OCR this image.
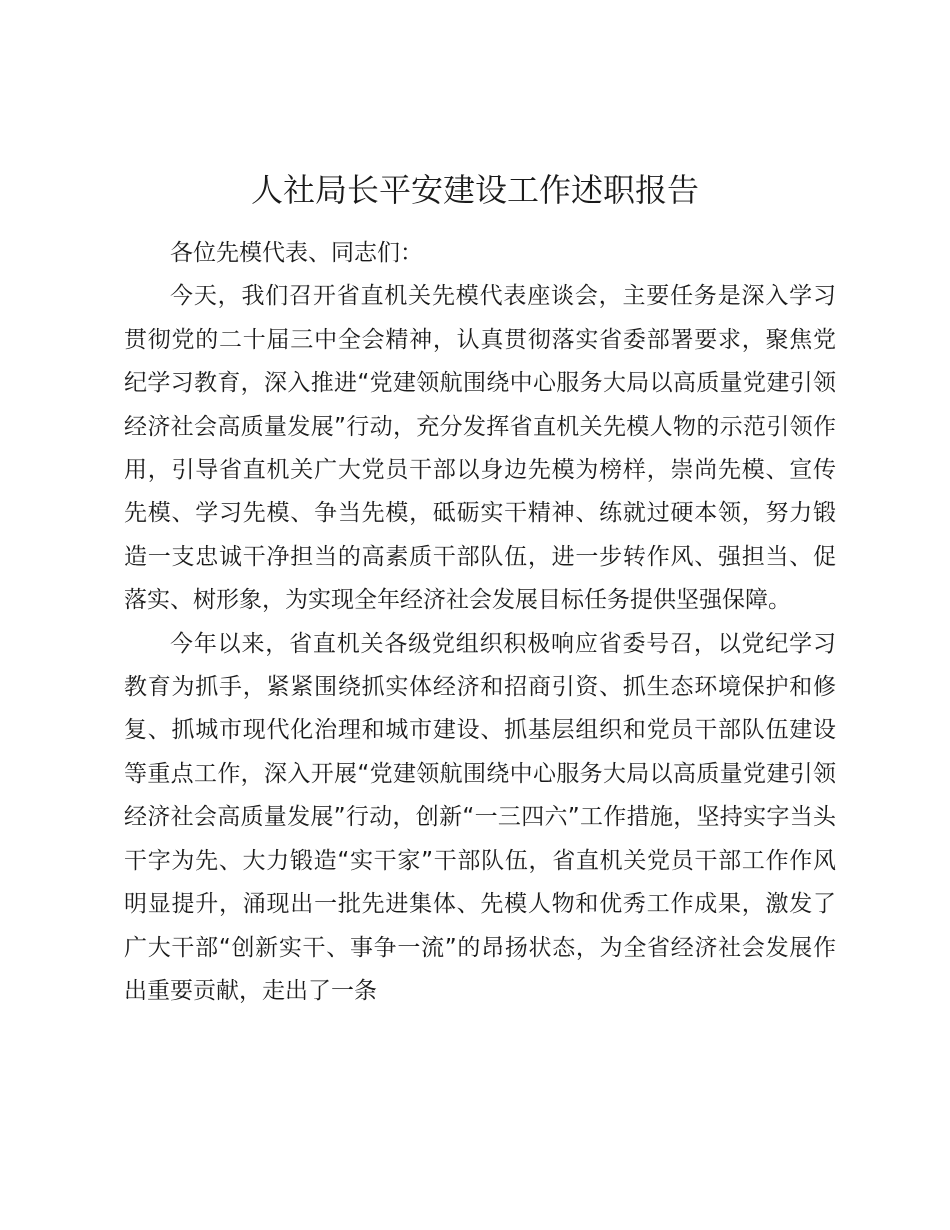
人社局长平安建设工作述职报告

各位先模代表、同志们：

今天，我们召开省直机关先模代表座谈会，主要任务是深入学习贯彻党的二十届三中全会精神，认真贯彻落实省委部署要求，聚焦党纪学习教育，深入推进“党建领航围绕中心服务大局以高质量党建引领经济社会高质量发展”行动，充分发挥省直机关先模人物的示范引领作用，引导省直机关广大党员干部以身边先模为榜样，崇尚先模、宣传先模、学习先模、争当先模，砥砺实干精神、练就过硬本领，努力锻造一支忠诚干净担当的高素质干部队伍，进一步转作风、强担当、促落实、树形象，为实现全年经济社会发展目标任务提供坚强保障。

今年以来，省直机关各级党组织积极响应省委号召，以党纪学习教育为抓手，紧紧围绕抓实体经济和招商引资、抓生态环境保护和修复、抓城市现代化治理和城市建设、抓基层组织和党员干部队伍建设等重点工作，深入开展“党建领航围绕中心服务大局以高质量党建引领经济社会高质量发展”行动，创新“一三四六”工作措施，坚持实字当头干字为先、大力锻造“实干家”干部队伍，省直机关党员干部工作作风明显提升，涌现出一批先进集体、先模人物和优秀工作成果，激发了广大干部“创新实干、事争一流”的昂扬状态，为全省经济社会发展作出重要贡献，走出了一条
